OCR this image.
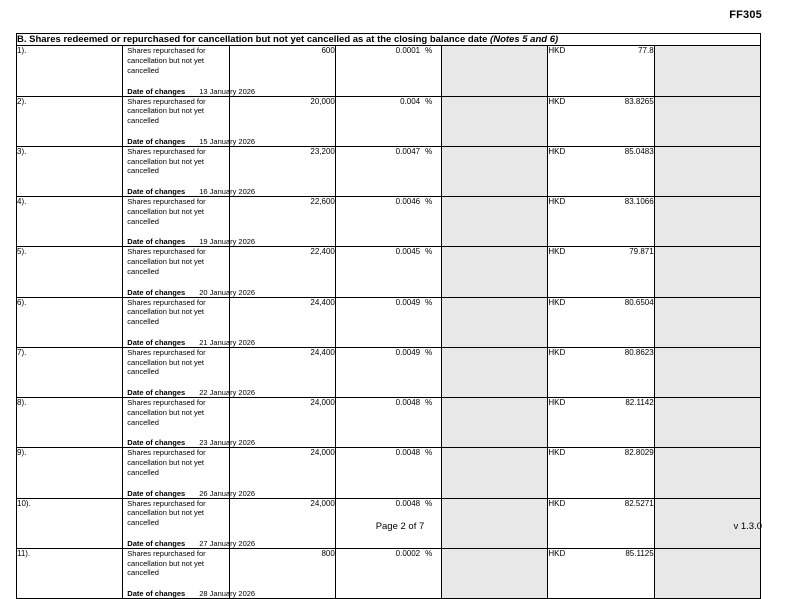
FF305
B. Shares redeemed or repurchased for cancellation but not yet cancelled as at the closing balance date (Notes 5 and 6)						
1).	Shares repurchased for cancellation but not yet cancelled
Date of changes 13 January 2026
	600	0.0001 %		HKD	77.8

2).	Shares repurchased for cancellation but not yet cancelled
Date of changes 15 January 2026
	20,000	0.004 %		HKD	83.8265

3).	Shares repurchased for cancellation but not yet cancelled
Date of changes 16 January 2026
	23,200	0.0047 %		HKD	85.0483

4).	Shares repurchased for cancellation but not yet cancelled
Date of changes 19 January 2026
	22,600	0.0046 %		HKD	83.1066

5).	Shares repurchased for cancellation but not yet cancelled
Date of changes 20 January 2026
	22,400	0.0045 %		HKD	79.871

6).	Shares repurchased for cancellation but not yet cancelled
Date of changes 21 January 2026
	24,400	0.0049 %		HKD	80.6504

7).	Shares repurchased for cancellation but not yet cancelled
Date of changes 22 January 2026
	24,400	0.0049 %		HKD	80.8623

8).	Shares repurchased for cancellation but not yet cancelled
Date of changes 23 January 2026
	24,000	0.0048 %		HKD	82.1142

9).	Shares repurchased for cancellation but not yet cancelled
Date of changes 26 January 2026
	24,000	0.0048 %		HKD	82.8029

10).	Shares repurchased for cancellation but not yet cancelled
Date of changes 27 January 2026
	24,000	0.0048 %		HKD	82.5271

11).	Shares repurchased for cancellation but not yet cancelled
Date of changes 28 January 2026
	800	0.0002 %		HKD	85.1125

Page 2 of 7	v 1.3.0
